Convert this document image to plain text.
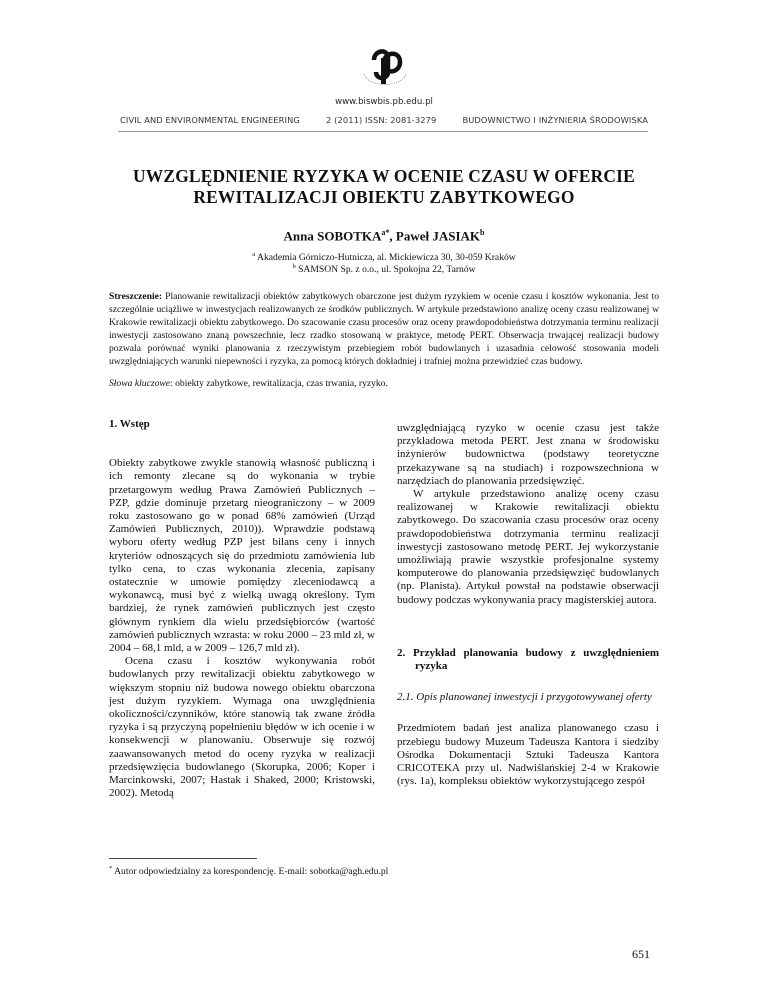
www.biswbis.pb.edu.pl
CIVIL AND ENVIRONMENTAL ENGINEERING	2 (2011) ISSN: 2081-3279	BUDOWNICTWO I INŻYNIERIA ŚRODOWISKA
UWZGLĘDNIENIE RYZYKA W OCENIE CZASU W OFERCIE
REWITALIZACJI OBIEKTU ZABYTKOWEGO
Anna $SOBOTKA^{a*}$, Paweł JASIAK$^b$
$^a$ Akademia Górniczo-Hutnicza, al. Mickiewicza 30, 30-059 Kraków
$^b$ SAMSON Sp. z o.o., ul. Spokojna 22, Tarnów
Streszczenie: Planowanie rewitalizacji obiektów zabytkowych obarczone jest dużym ryzykiem w ocenie czasu i kosztów wykonania. Jest to szczególnie uciążliwe w inwestycjach realizowanych ze środków publicznych. W artykule przedstawiono analizę oceny czasu realizowanej w Krakowie rewitalizacji obiektu zabytkowego. Do szacowanie czasu procesów oraz oceny prawdopodobieństwa dotrzymania terminu realizacji inwestycji zastosowano znaną powszechnie, lecz rzadko stosowaną w praktyce, metodę PERT. Obserwacja trwającej realizacji budowy pozwala porównać wyniki planowania z rzeczywistym przebiegiem robót budowlanych i uzasadnia celowość stosowania modeli uwzględniających warunki niepewności i ryzyka, za pomocą których dokładniej i trafniej można przewidzieć czas budowy.
Słowa kluczowe: obiekty zabytkowe, rewitalizacja, czas trwania, ryzyko.

1. Wstęp

Obiekty zabytkowe zwykle stanowią własność publiczną i ich remonty zlecane są do wykonania w trybie przetargowym według Prawa Zamówień Publicznych – PZP, gdzie dominuje przetarg nieograniczony – w 2009 roku zastosowano go w ponad 68% zamówień (Urząd Zamówień Publicznych, 2010)). Wprawdzie podstawą wyboru oferty według PZP jest bilans ceny i innych kryteriów odnoszących się do przedmiotu zamówienia lub tylko cena, to czas wykonania zlecenia, zapisany ostatecznie w umowie pomiędzy zleceniodawcą a wykonawcą, musi być z wielką uwagą określony. Tym bardziej, że rynek zamówień publicznych jest często głównym rynkiem dla wielu przedsiębiorców (wartość zamówień publicznych wzrasta: w roku 2000 – 23 mld zł, w 2004 – 68,1 mld, a w 2009 – 126,7 mld zł).

Ocena czasu i kosztów wykonywania robót budowlanych przy rewitalizacji obiektu zabytkowego w większym stopniu niż budowa nowego obiektu obarczona jest dużym ryzykiem. Wymaga ona uwzględnienia okoliczności/czynników, które stanowią tak zwane źródła ryzyka i są przyczyną popełnieniu błędów w ich ocenie i w konsekwencji w planowaniu. Obserwuje się rozwój zaawansowanych metod do oceny ryzyka w realizacji przedsięwzięcia budowlanego (Skorupka, 2006; Koper i Marcinkowski, 2007; Hastak i Shaked, 2000; Kristowski, 2002). Metodą

uwzględniającą ryzyko w ocenie czasu jest także przykładowa metoda PERT. Jest znana w środowisku inżynierów budownictwa (podstawy teoretyczne przekazywane są na studiach) i rozpowszechniona w narzędziach do planowania przedsięwzięć.

W artykule przedstawiono analizę oceny czasu realizowanej w Krakowie rewitalizacji obiektu zabytkowego. Do szacowania czasu procesów oraz oceny prawdopodobieństwa dotrzymania terminu realizacji inwestycji zastosowano metodę PERT. Jej wykorzystanie umożliwiają prawie wszystkie profesjonalne systemy komputerowe do planowania przedsięwzięć budowlanych (np. Planista). Artykuł powstał na podstawie obserwacji budowy podczas wykonywania pracy magisterskiej autora.

2. Przykład planowania budowy z uwzględnieniem ryzyka

2.1. Opis planowanej inwestycji i przygotowywanej oferty

Przedmiotem badań jest analiza planowanego czasu i przebiegu budowy Muzeum Tadeusza Kantora i siedziby Ośrodka Dokumentacji Sztuki Tadeusza Kantora CRICOTEKA przy ul. Nadwiślańskiej 2-4 w Krakowie (rys. 1a), kompleksu obiektów wykorzystującego zespół

* Autor odpowiedzialny za korespondencję. E-mail: sobotka@agh.edu.pl
651
